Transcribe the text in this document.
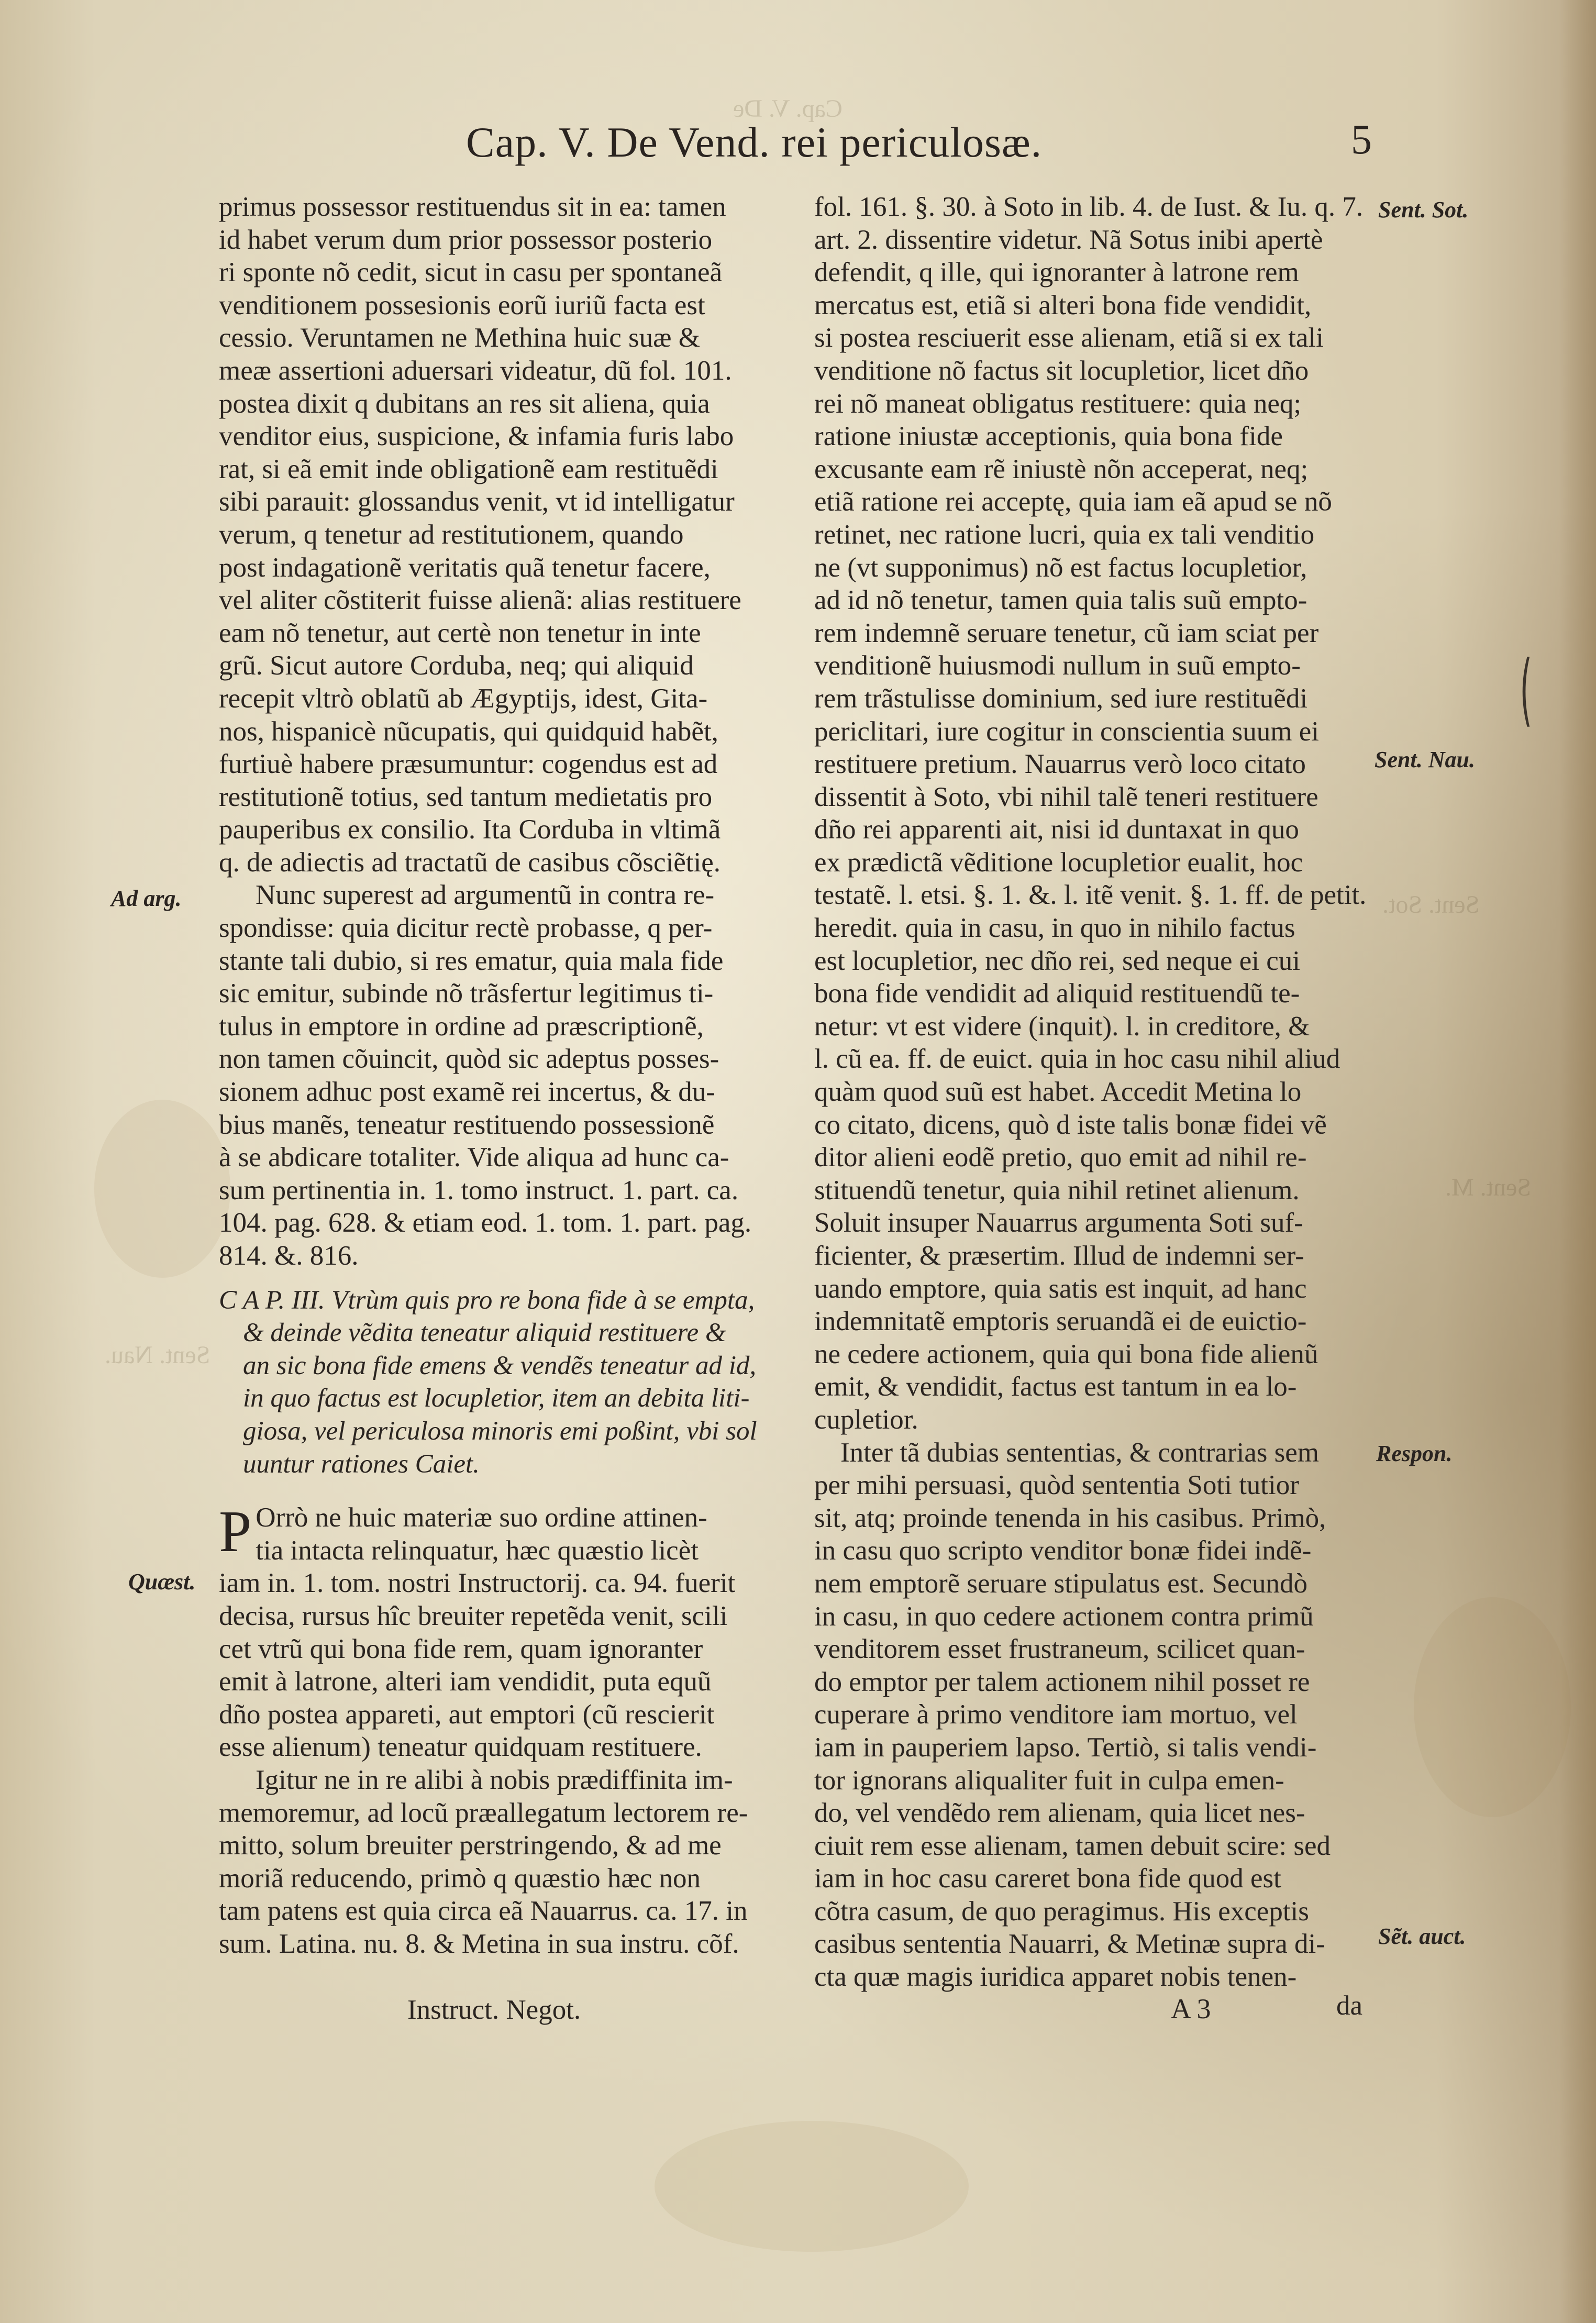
Cap. V. De
Sent. Sot.
Sent. M.
Sent. Nau.
Cap. V. De Vend. rei periculosæ.	5
primus possessor restituendus sit in ea: tamen
id habet verum dum prior possessor posterio
ri sponte nõ cedit, sicut in casu per spontaneã
venditionem possesionis eorũ iuriũ facta est
cessio. Veruntamen ne Methina huic suæ &
meæ assertioni aduersari videatur, dũ fol. 101.
postea dixit q dubitans an res sit aliena, quia
venditor eius, suspicione, & infamia furis labo
rat, si eã emit inde obligationẽ eam restituẽdi
sibi parauit: glossandus venit, vt id intelligatur
verum, q tenetur ad restitutionem, quando
post indagationẽ veritatis quã tenetur facere,
vel aliter cõstiterit fuisse alienã: alias restituere
eam nõ tenetur, aut certè non tenetur in inte
grũ. Sicut autore Corduba, neq; qui aliquid
recepit vltrò oblatũ ab Ægyptijs, idest, Gita-
nos, hispanicè nũcupatis, qui quidquid habẽt,
furtiuè habere præsumuntur: cogendus est ad
restitutionẽ totius, sed tantum medietatis pro
pauperibus ex consilio. Ita Corduba in vltimã
q. de adiectis ad tractatũ de casibus cõsciẽtię.
Nunc superest ad argumentũ in contra re-
spondisse: quia dicitur rectè probasse, q per-
stante tali dubio, si res ematur, quia mala fide
sic emitur, subinde nõ trãsfertur legitimus ti-
tulus in emptore in ordine ad præscriptionẽ,
non tamen cõuincit, quòd sic adeptus posses-
sionem adhuc post examẽ rei incertus, & du-
bius manẽs, teneatur restituendo possessionẽ
à se abdicare totaliter. Vide aliqua ad hunc ca-
sum pertinentia in. 1. tomo instruct. 1. part. ca.
104. pag. 628. & etiam eod. 1. tom. 1. part. pag.
814. &. 816.
C A P. III. Vtrùm quis pro re bona fide à se empta,
& deinde vẽdita teneatur aliquid restituere &
an sic bona fide emens & vendẽs teneatur ad id,
in quo factus est locupletior, item an debita liti-
giosa, vel periculosa minoris emi poßint, vbi sol
uuntur rationes Caiet.
P Orrò ne huic materiæ suo ordine attinen-
tia intacta relinquatur, hæc quæstio licèt
iam in. 1. tom. nostri Instructorij. ca. 94. fuerit
decisa, rursus hîc breuiter repetẽda venit, scili
cet vtrũ qui bona fide rem, quam ignoranter
emit à latrone, alteri iam vendidit, puta equũ
dño postea appareti, aut emptori (cũ rescierit
esse alienum) teneatur quidquam restituere.
Igitur ne in re alibi à nobis prædiffinita im-
memoremur, ad locũ præallegatum lectorem re-
mitto, solum breuiter perstringendo, & ad me
moriã reducendo, primò q quæstio hæc non
tam patens est quia circa eã Nauarrus. ca. 17. in
sum. Latina. nu. 8. & Metina in sua instru. cõf.
fol. 161. §. 30. à Soto in lib. 4. de Iust. & Iu. q. 7.
art. 2. dissentire videtur. Nã Sotus inibi apertè
defendit, q ille, qui ignoranter à latrone rem
mercatus est, etiã si alteri bona fide vendidit,
si postea resciuerit esse alienam, etiã si ex tali
venditione nõ factus sit locupletior, licet dño
rei nõ maneat obligatus restituere: quia neq;
ratione iniustæ acceptionis, quia bona fide
excusante eam rẽ iniustè nõn acceperat, neq;
etiã ratione rei acceptę, quia iam eã apud se nõ
retinet, nec ratione lucri, quia ex tali venditio
ne (vt supponimus) nõ est factus locupletior,
ad id nõ tenetur, tamen quia talis suũ empto-
rem indemnẽ seruare tenetur, cũ iam sciat per
venditionẽ huiusmodi nullum in suũ empto-
rem trãstulisse dominium, sed iure restituẽdi
periclitari, iure cogitur in conscientia suum ei
restituere pretium. Nauarrus verò loco citato
dissentit à Soto, vbi nihil talẽ teneri restituere
dño rei apparenti ait, nisi id duntaxat in quo
ex prædictã vẽditione locupletior eualit, hoc
testatẽ. l. etsi. §. 1. &. l. itẽ venit. §. 1. ff. de petit.
heredit. quia in casu, in quo in nihilo factus
est locupletior, nec dño rei, sed neque ei cui
bona fide vendidit ad aliquid restituendũ te-
netur: vt est videre (inquit). l. in creditore, &
l. cũ ea. ff. de euict. quia in hoc casu nihil aliud
quàm quod suũ est habet. Accedit Metina lo
co citato, dicens, quò d iste talis bonæ fidei vẽ
ditor alieni eodẽ pretio, quo emit ad nihil re-
stituendũ tenetur, quia nihil retinet alienum.
Soluit insuper Nauarrus argumenta Soti suf-
ficienter, & præsertim. Illud de indemni ser-
uando emptore, quia satis est inquit, ad hanc
indemnitatẽ emptoris seruandã ei de euictio-
ne cedere actionem, quia qui bona fide alienũ
emit, & vendidit, factus est tantum in ea lo-
cupletior.
Inter tã dubias sententias, & contrarias sem
per mihi persuasi, quòd sententia Soti tutior
sit, atq; proinde tenenda in his casibus. Primò,
in casu quo scripto venditor bonæ fidei indẽ-
nem emptorẽ seruare stipulatus est. Secundò
in casu, in quo cedere actionem contra primũ
venditorem esset frustraneum, scilicet quan-
do emptor per talem actionem nihil posset re
cuperare à primo venditore iam mortuo, vel
iam in pauperiem lapso. Tertiò, si talis vendi-
tor ignorans aliqualiter fuit in culpa emen-
do, vel vendẽdo rem alienam, quia licet nes-
ciuit rem esse alienam, tamen debuit scire: sed
iam in hoc casu careret bona fide quod est
cõtra casum, de quo peragimus. His exceptis
casibus sententia Nauarri, & Metinæ supra di-
cta quæ magis iuridica apparet nobis tenen-
Ad arg.
Quæst.
Sent. Sot.
Sent. Nau.
Respon.
Sẽt. auct.
(
Instruct. Negot.	A 3	da
